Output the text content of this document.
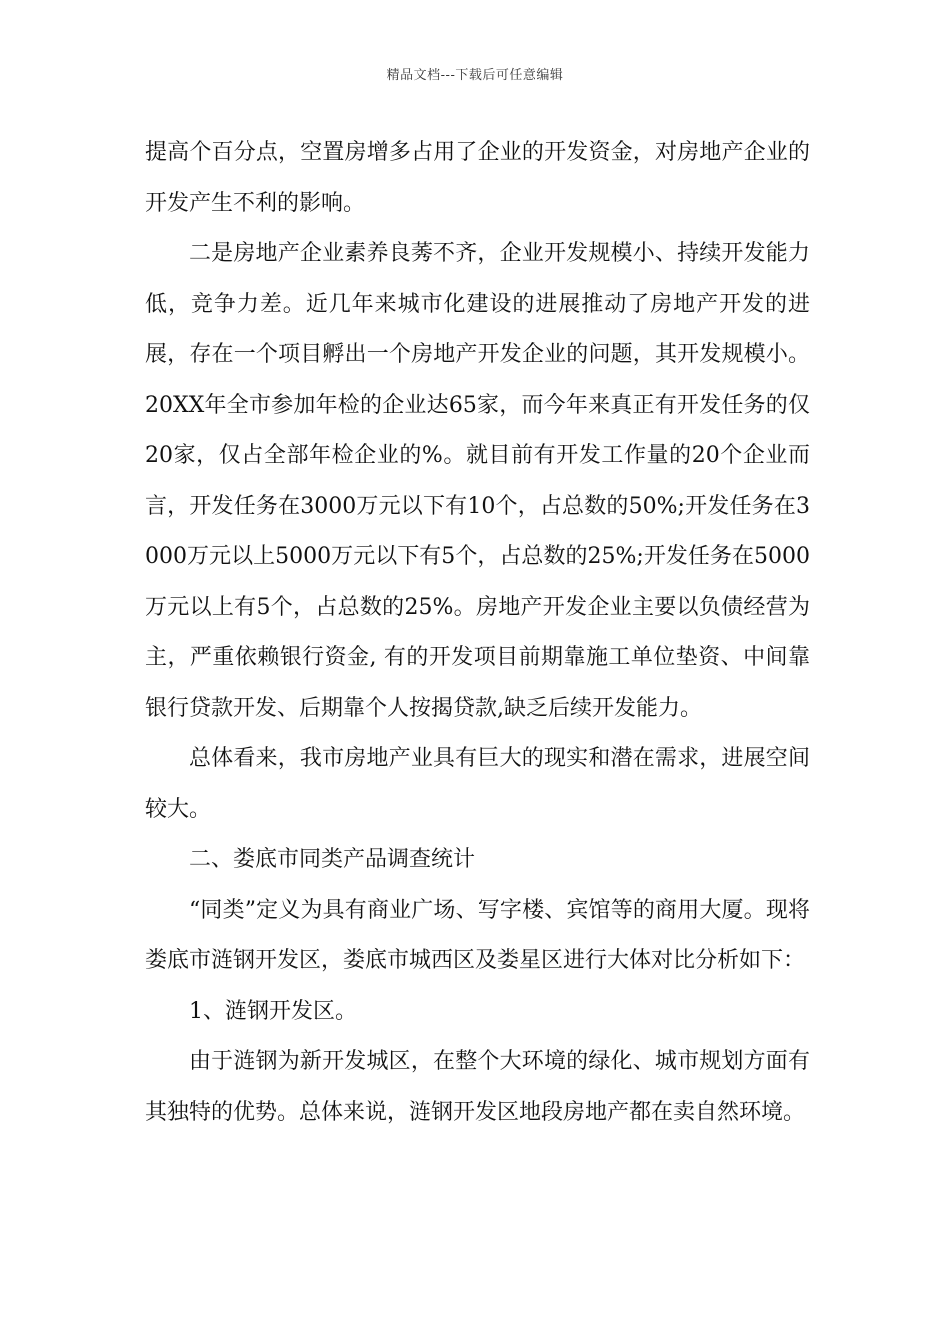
精品文档---下载后可任意编辑

提高个百分点，空置房增多占用了企业的开发资金，对房地产企业的开发产生不利的影响。

二是房地产企业素养良莠不齐，企业开发规模小、持续开发能力低，竞争力差。近几年来城市化建设的进展推动了房地产开发的进展，存在一个项目孵出一个房地产开发企业的问题，其开发规模小。20XX年全市参加年检的企业达65家，而今年来真正有开发任务的仅20家，仅占全部年检企业的%。就目前有开发工作量的20个企业而言，开发任务在3000万元以下有10个，占总数的50%;开发任务在3000万元以上5000万元以下有5个，占总数的25%;开发任务在5000万元以上有5个，占总数的25%。房地产开发企业主要以负债经营为主，严重依赖银行资金, 有的开发项目前期靠施工单位垫资、中间靠银行贷款开发、后期靠个人按揭贷款,缺乏后续开发能力。

总体看来，我市房地产业具有巨大的现实和潜在需求，进展空间较大。

二、娄底市同类产品调查统计

“同类”定义为具有商业广场、写字楼、宾馆等的商用大厦。现将娄底市涟钢开发区，娄底市城西区及娄星区进行大体对比分析如下：

1、涟钢开发区。

由于涟钢为新开发城区，在整个大环境的绿化、城市规划方面有其独特的优势。总体来说，涟钢开发区地段房地产都在卖自然环境。
